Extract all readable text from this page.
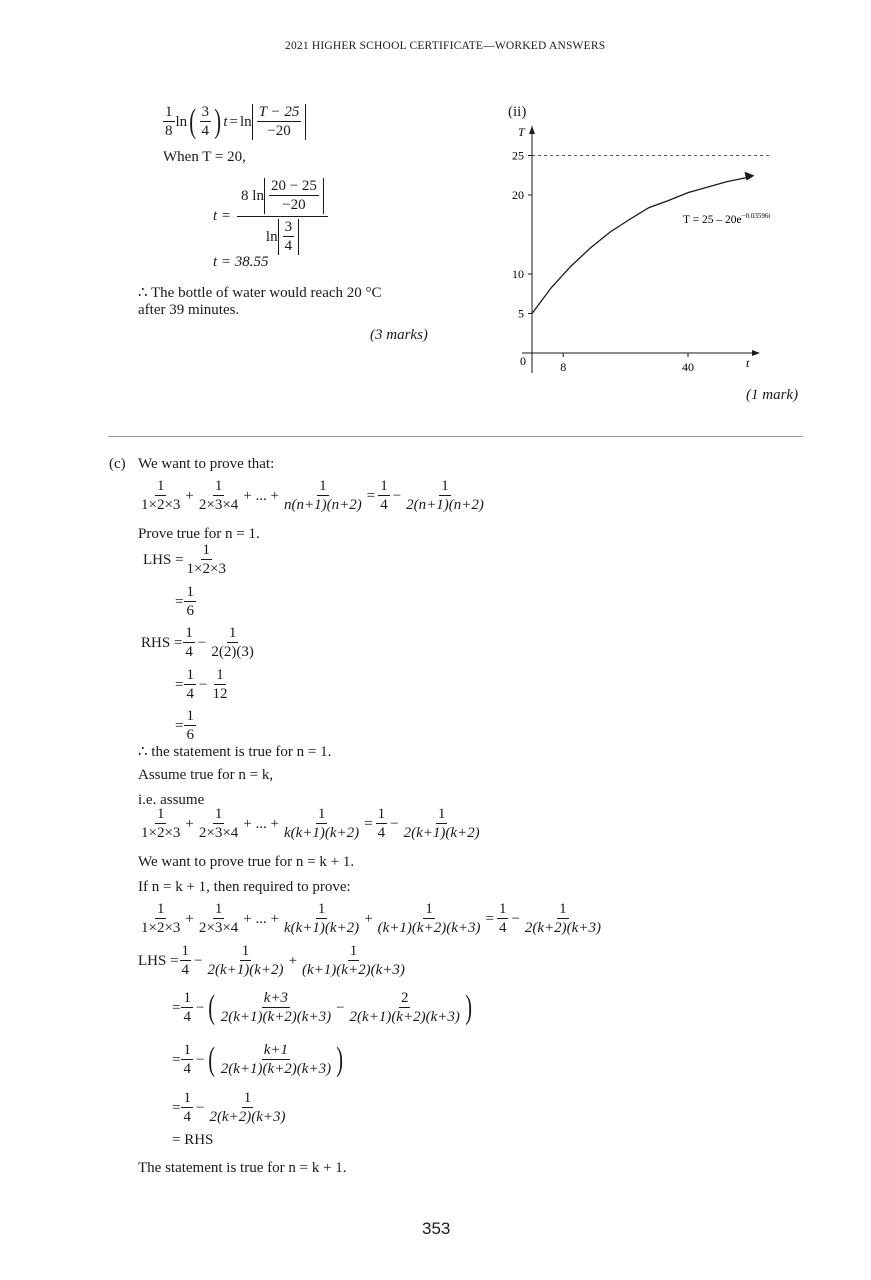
2021 HIGHER SCHOOL CERTIFICATE—WORKED ANSWERS
$\frac{1}{8}$ ln ( $\frac{3}{4}$ ) $t = \ln \frac{T - 25}{-20}$
When T = 20,
$t = \frac{8 \ln \frac{20 - 25}{-20}}{\ln \frac{3}{4}}$
t = 38.55
∴ The bottle of water would reach 20 °C
after 39 minutes.
(3 marks)
(ii)
T
t
0
5
10
20
25
8	40
$T = 25 - 20e^{-0.03596t}$
(1 mark)
(c) We want to prove that:
$\frac{1}{1\times 2\times 3} + \frac{1}{2\times 3\times 4}$ + ... + $\frac{1}{n(n+1)(n+2)} = \frac{1}{4} - \frac{1}{2(n+1)(n+2)}$
Prove true for n = 1.
LHS = $\frac{1}{1\times 2\times 3}$
= $\frac{1}{6}$
RHS = $\frac{1}{4} - \frac{1}{2(2)(3)}$
= $\frac{1}{4} - \frac{1}{12}$
= $\frac{1}{6}$
∴ the statement is true for n = 1.
Assume true for n = k,
i.e. assume
$\frac{1}{1\times 2\times 3} + \frac{1}{2\times 3\times 4}$ + ... + $\frac{1}{k(k+1)(k+2)} = \frac{1}{4} - \frac{1}{2(k+1)(k+2)}$
We want to prove true for n = k + 1.
If n = k + 1, then required to prove:
$\frac{1}{1\times 2\times 3} + \frac{1}{2\times 3\times 4}$ + ... + $\frac{1}{k(k+1)(k+2)} + \frac{1}{(k+1)(k+2)(k+3)} = \frac{1}{4} - \frac{1}{2(k+2)(k+3)}$
LHS = $\frac{1}{4} - \frac{1}{2(k+1)(k+2)} + \frac{1}{(k+1)(k+2)(k+3)}$
= $\frac{1}{4}$ − ( $\frac{k+3}{2(k+1)(k+2)(k+3)} - \frac{2}{2(k+1)(k+2)(k+3)}$ )
= $\frac{1}{4}$ − ( $\frac{k+1}{2(k+1)(k+2)(k+3)}$ )
= $\frac{1}{4} - \frac{1}{2(k+2)(k+3)}$
= RHS
The statement is true for n = k + 1.
353
